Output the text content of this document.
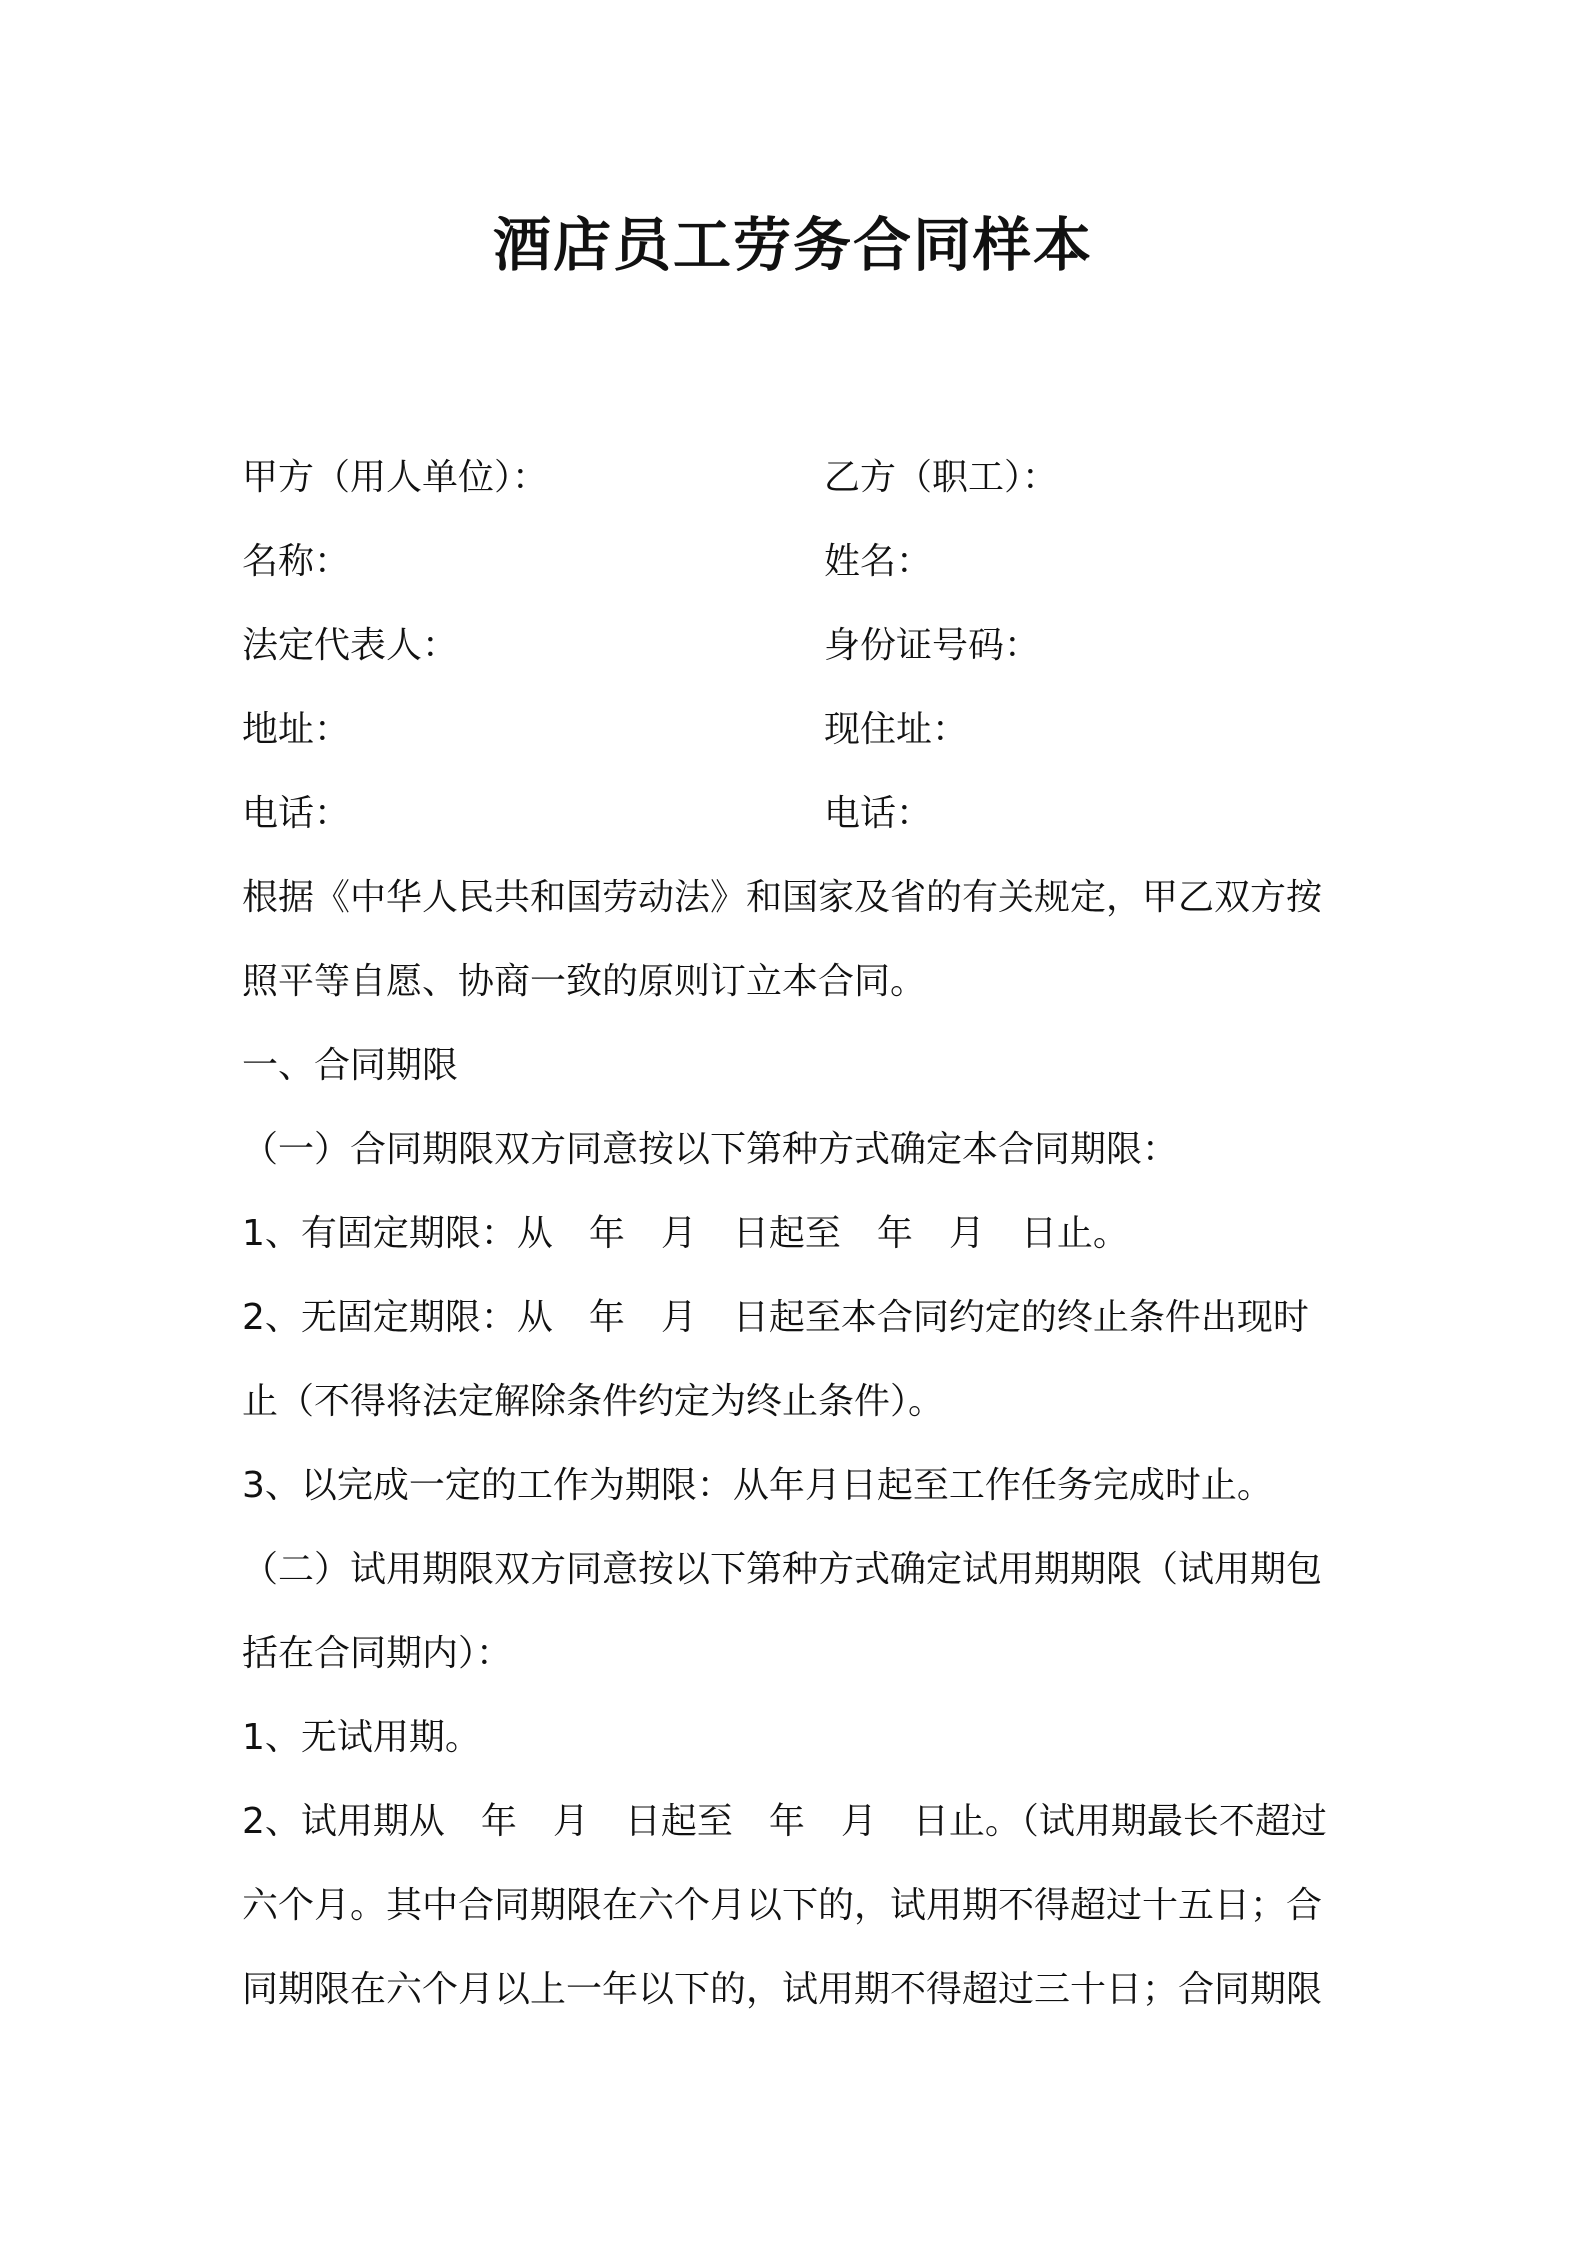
酒店员工劳务合同样本
甲方（用人单位）：	乙方（职工）：
名称：	姓名：
法定代表人：	身份证号码：
地址：	现住址：
电话：	电话：
根据《中华人民共和国劳动法》和国家及省的有关规定，甲乙双方按
照平等自愿、协商一致的原则订立本合同。
一、合同期限
（一）合同期限双方同意按以下第种方式确定本合同期限：
1、有固定期限：从　年　月　日起至　年　月　日止。
2、无固定期限：从　年　月　日起至本合同约定的终止条件出现时
止（不得将法定解除条件约定为终止条件）。
3、以完成一定的工作为期限：从年月日起至工作任务完成时止。
（二）试用期限双方同意按以下第种方式确定试用期期限（试用期包
括在合同期内）：
1、无试用期。
2、试用期从　年　月　日起至　年　月　日止。（试用期最长不超过
六个月。其中合同期限在六个月以下的，试用期不得超过十五日；合
同期限在六个月以上一年以下的，试用期不得超过三十日；合同期限
